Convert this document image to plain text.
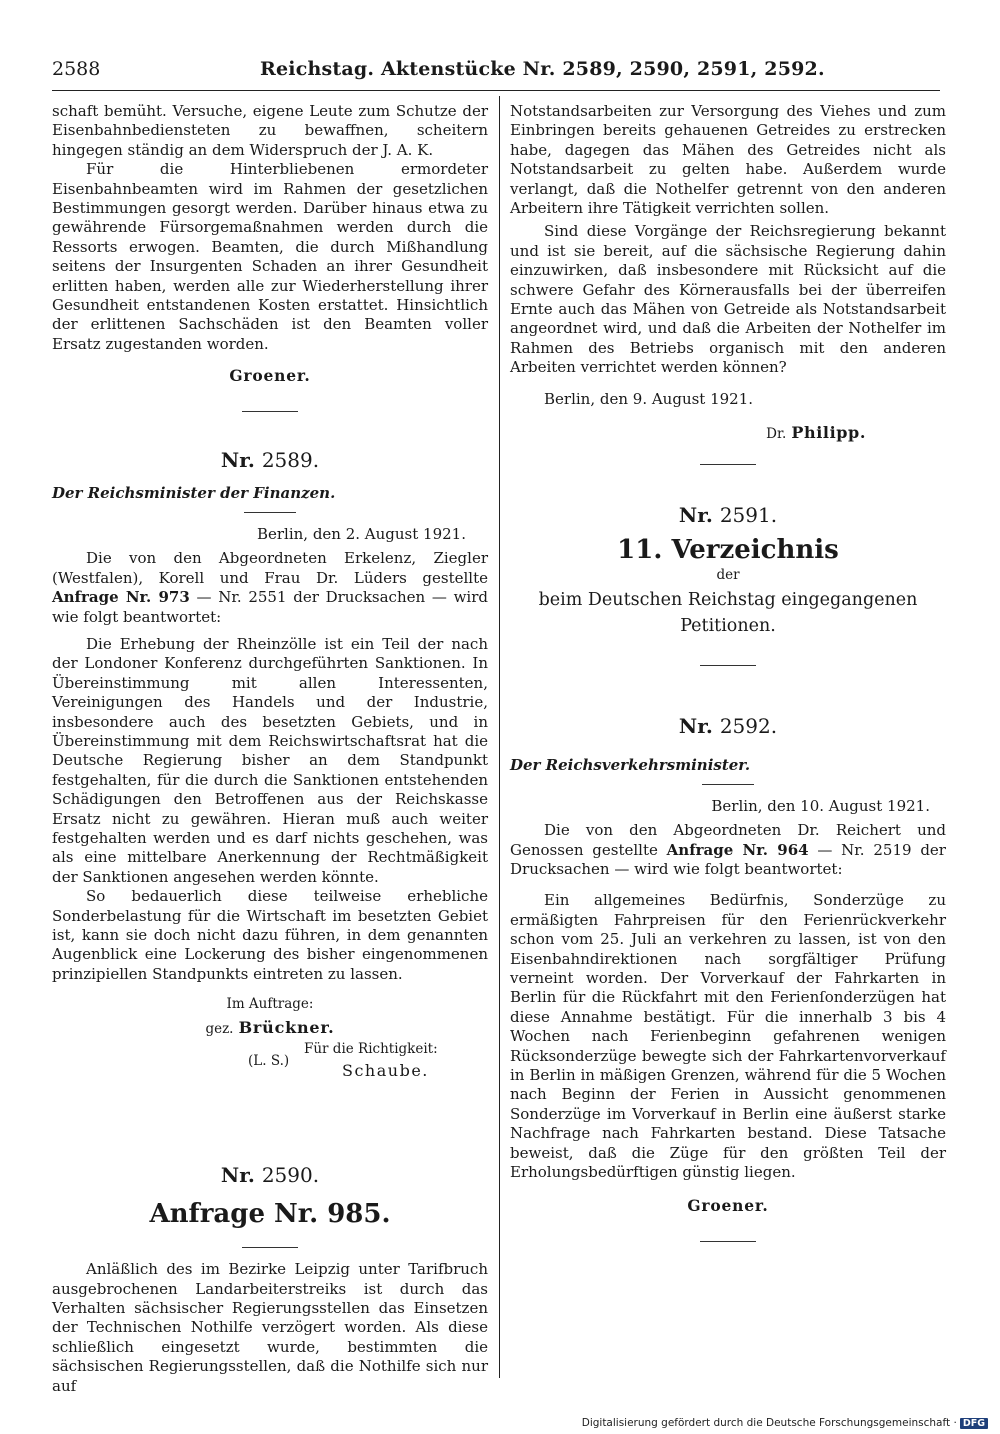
2588	Reichstag. Aktenstücke Nr. 2589, 2590, 2591, 2592.

schaft bemüht. Versuche, eigene Leute zum Schutze der Eisenbahnbediensteten zu bewaffnen, scheitern hingegen ständig an dem Widerspruch der J. A. K.

Für die Hinterbliebenen ermordeter Eisenbahnbeamten wird im Rahmen der gesetzlichen Bestimmungen gesorgt werden. Darüber hinaus etwa zu gewährende Fürsorgemaßnahmen werden durch die Ressorts erwogen. Beamten, die durch Mißhandlung seitens der Insurgenten Schaden an ihrer Gesundheit erlitten haben, werden alle zur Wiederherstellung ihrer Gesundheit entstandenen Kosten erstattet. Hinsichtlich der erlittenen Sachschäden ist den Beamten voller Ersatz zugestanden worden.

Groener.
Nr. 2589.
Der Reichsminister der Finanzen.
Berlin, den 2. August 1921.

Die von den Abgeordneten Erkelenz, Ziegler (Westfalen), Korell und Frau Dr. Lüders gestellte Anfrage Nr. 973 — Nr. 2551 der Drucksachen — wird wie folgt beantwortet:

Die Erhebung der Rheinzölle ist ein Teil der nach der Londoner Konferenz durchgeführten Sanktionen. In Übereinstimmung mit allen Interessenten, Vereinigungen des Handels und der Industrie, insbesondere auch des besetzten Gebiets, und in Übereinstimmung mit dem Reichswirtschaftsrat hat die Deutsche Regierung bisher an dem Standpunkt festgehalten, für die durch die Sanktionen entstehenden Schädigungen den Betroffenen aus der Reichskasse Ersatz nicht zu gewähren. Hieran muß auch weiter festgehalten werden und es darf nichts geschehen, was als eine mittelbare Anerkennung der Rechtmäßigkeit der Sanktionen angesehen werden könnte.

So bedauerlich diese teilweise erhebliche Sonderbelastung für die Wirtschaft im besetzten Gebiet ist, kann sie doch nicht dazu führen, in dem genannten Augenblick eine Lockerung des bisher eingenommenen prinzipiellen Standpunkts eintreten zu lassen.

Im Auftrage:
gez. Brückner.
Für die Richtigkeit:
(L. S.)	Schaube.
Nr. 2590.
Anfrage Nr. 985.

Anläßlich des im Bezirke Leipzig unter Tarifbruch ausgebrochenen Landarbeiterstreiks ist durch das Verhalten sächsischer Regierungsstellen das Einsetzen der Technischen Nothilfe verzögert worden. Als diese schließlich eingesetzt wurde, bestimmten die sächsischen Regierungsstellen, daß die Nothilfe sich nur auf

Notstandsarbeiten zur Versorgung des Viehes und zum Einbringen bereits gehauenen Getreides zu erstrecken habe, dagegen das Mähen des Getreides nicht als Notstandsarbeit zu gelten habe. Außerdem wurde verlangt, daß die Nothelfer getrennt von den anderen Arbeitern ihre Tätigkeit verrichten sollen.

Sind diese Vorgänge der Reichsregierung bekannt und ist sie bereit, auf die sächsische Regierung dahin einzuwirken, daß insbesondere mit Rücksicht auf die schwere Gefahr des Körnerausfalls bei der überreifen Ernte auch das Mähen von Getreide als Notstandsarbeit angeordnet wird, und daß die Arbeiten der Nothelfer im Rahmen des Betriebs organisch mit den anderen Arbeiten verrichtet werden können?

Berlin, den 9. August 1921.

Dr. Philipp.
Nr. 2591.
11. Verzeichnis
der
beim Deutschen Reichstag eingegangenen
Petitionen.
Nr. 2592.
Der Reichsverkehrsminister.
Berlin, den 10. August 1921.

Die von den Abgeordneten Dr. Reichert und Genossen gestellte Anfrage Nr. 964 — Nr. 2519 der Drucksachen — wird wie folgt beantwortet:

Ein allgemeines Bedürfnis, Sonderzüge zu ermäßigten Fahrpreisen für den Ferienrückverkehr schon vom 25. Juli an verkehren zu lassen, ist von den Eisenbahndirektionen nach sorgfältiger Prüfung verneint worden. Der Vorverkauf der Fahrkarten in Berlin für die Rückfahrt mit den Ferienſonderzügen hat diese Annahme bestätigt. Für die innerhalb 3 bis 4 Wochen nach Ferienbeginn gefahrenen wenigen Rücksonderzüge bewegte sich der Fahrkartenvorverkauf in Berlin in mäßigen Grenzen, während für die 5 Wochen nach Beginn der Ferien in Aussicht genommenen Sonderzüge im Vorverkauf in Berlin eine äußerst starke Nachfrage nach Fahrkarten bestand. Diese Tatsache beweist, daß die Züge für den größten Teil der Erholungsbedürftigen günstig liegen.

Groener.
Digitalisierung gefördert durch die Deutsche Forschungsgemeinschaft · DFG
